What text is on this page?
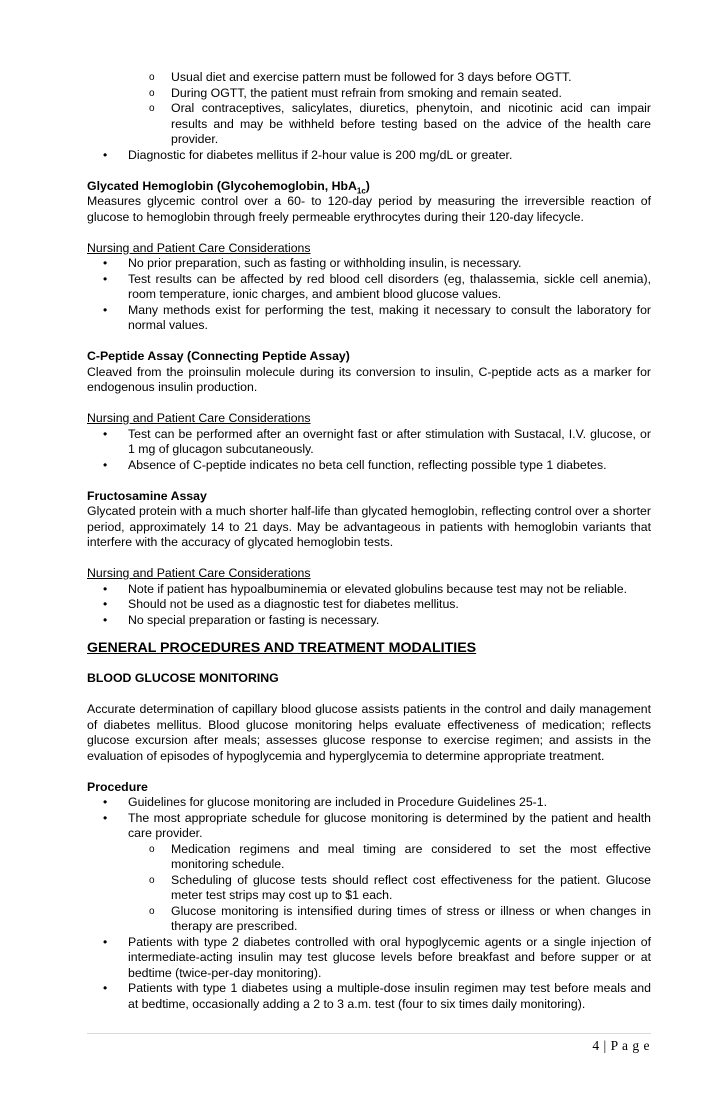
o Usual diet and exercise pattern must be followed for 3 days before OGTT.
o During OGTT, the patient must refrain from smoking and remain seated.
o Oral contraceptives, salicylates, diuretics, phenytoin, and nicotinic acid can impair results and may be withheld before testing based on the advice of the health care provider.
• Diagnostic for diabetes mellitus if 2-hour value is 200 mg/dL or greater.

Glycated Hemoglobin (Glycohemoglobin, HbA$_{1c}$)

Measures glycemic control over a 60- to 120-day period by measuring the irreversible reaction of glucose to hemoglobin through freely permeable erythrocytes during their 120-day lifecycle.

Nursing and Patient Care Considerations

• No prior preparation, such as fasting or withholding insulin, is necessary.
• Test results can be affected by red blood cell disorders (eg, thalassemia, sickle cell anemia), room temperature, ionic charges, and ambient blood glucose values.
• Many methods exist for performing the test, making it necessary to consult the laboratory for normal values.

C-Peptide Assay (Connecting Peptide Assay)

Cleaved from the proinsulin molecule during its conversion to insulin, C-peptide acts as a marker for endogenous insulin production.

Nursing and Patient Care Considerations

• Test can be performed after an overnight fast or after stimulation with Sustacal, I.V. glucose, or 1 mg of glucagon subcutaneously.
• Absence of C-peptide indicates no beta cell function, reflecting possible type 1 diabetes.

Fructosamine Assay

Glycated protein with a much shorter half-life than glycated hemoglobin, reflecting control over a shorter period, approximately 14 to 21 days. May be advantageous in patients with hemoglobin variants that interfere with the accuracy of glycated hemoglobin tests.

Nursing and Patient Care Considerations

• Note if patient has hypoalbuminemia or elevated globulins because test may not be reliable.
• Should not be used as a diagnostic test for diabetes mellitus.
• No special preparation or fasting is necessary.

GENERAL PROCEDURES AND TREATMENT MODALITIES

BLOOD GLUCOSE MONITORING

Accurate determination of capillary blood glucose assists patients in the control and daily management of diabetes mellitus. Blood glucose monitoring helps evaluate effectiveness of medication; reflects glucose excursion after meals; assesses glucose response to exercise regimen; and assists in the evaluation of episodes of hypoglycemia and hyperglycemia to determine appropriate treatment.

Procedure

• Guidelines for glucose monitoring are included in Procedure Guidelines 25-1.
• The most appropriate schedule for glucose monitoring is determined by the patient and health care provider.
o Medication regimens and meal timing are considered to set the most effective monitoring schedule.
o Scheduling of glucose tests should reflect cost effectiveness for the patient. Glucose meter test strips may cost up to $1 each.
o Glucose monitoring is intensified during times of stress or illness or when changes in therapy are prescribed.
• Patients with type 2 diabetes controlled with oral hypoglycemic agents or a single injection of intermediate-acting insulin may test glucose levels before breakfast and before supper or at bedtime (twice-per-day monitoring).
• Patients with type 1 diabetes using a multiple-dose insulin regimen may test before meals and at bedtime, occasionally adding a 2 to 3 a.m. test (four to six times daily monitoring).
4 | P a g e
